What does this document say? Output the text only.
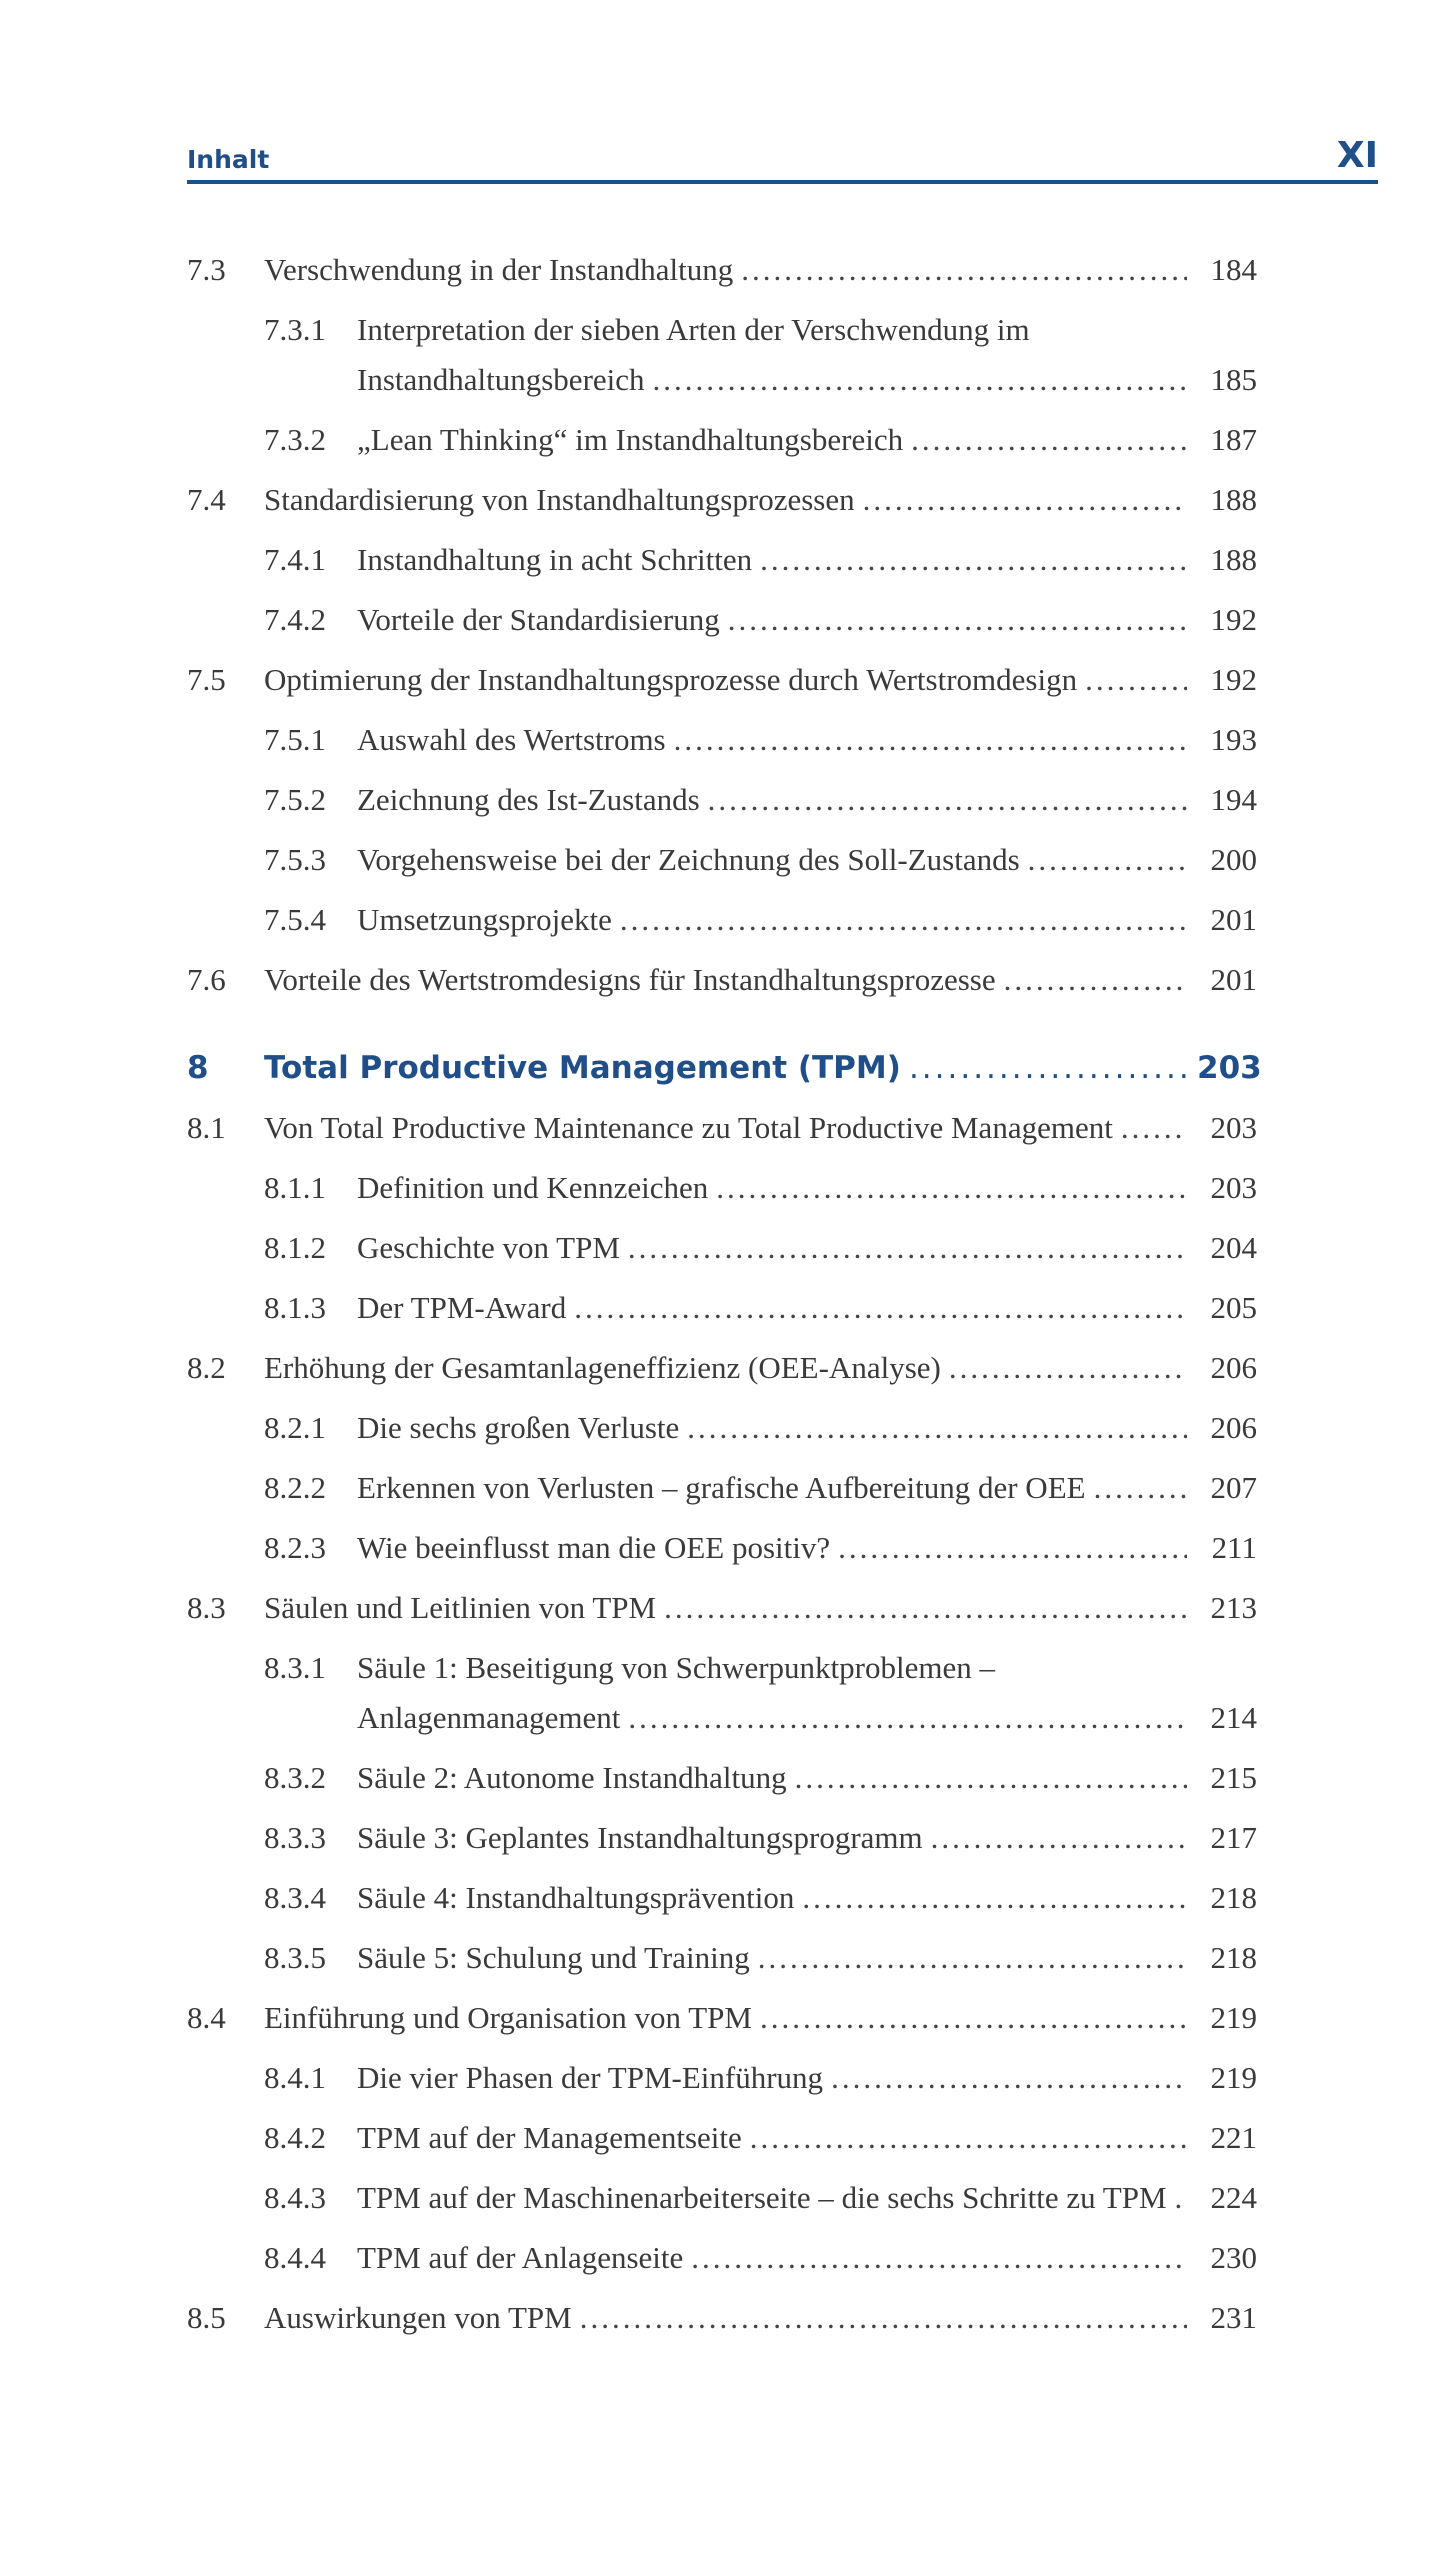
Inhalt	XI
7.3 Verschwendung in der Instandhaltung .....	184
7.3.1 Interpretation der sieben Arten der Verschwendung im
Instandhaltungsbereich .....	185
7.3.2 „Lean Thinking“ im Instandhaltungsbereich .....	187
7.4 Standardisierung von Instandhaltungsprozessen .....	188
7.4.1 Instandhaltung in acht Schritten .....	188
7.4.2 Vorteile der Standardisierung .....	192
7.5 Optimierung der Instandhaltungsprozesse durch Wertstromdesign .....	192
7.5.1 Auswahl des Wertstroms .....	193
7.5.2 Zeichnung des Ist-Zustands .....	194
7.5.3 Vorgehensweise bei der Zeichnung des Soll-Zustands .....	200
7.5.4 Umsetzungsprojekte .....	201
7.6 Vorteile des Wertstromdesigns für Instandhaltungsprozesse .....	201
8 Total Productive Management (TPM) .....	203
8.1 Von Total Productive Maintenance zu Total Productive Management .....	203
8.1.1 Definition und Kennzeichen .....	203
8.1.2 Geschichte von TPM .....	204
8.1.3 Der TPM-Award .....	205
8.2 Erhöhung der Gesamtanlageneffizienz (OEE-Analyse) .....	206
8.2.1 Die sechs großen Verluste .....	206
8.2.2 Erkennen von Verlusten – grafische Aufbereitung der OEE .....	207
8.2.3 Wie beeinflusst man die OEE positiv? .....	211
8.3 Säulen und Leitlinien von TPM .....	213
8.3.1 Säule 1: Beseitigung von Schwerpunktproblemen –
Anlagenmanagement .....	214
8.3.2 Säule 2: Autonome Instandhaltung .....	215
8.3.3 Säule 3: Geplantes Instandhaltungsprogramm .....	217
8.3.4 Säule 4: Instandhaltungsprävention .....	218
8.3.5 Säule 5: Schulung und Training .....	218
8.4 Einführung und Organisation von TPM .....	219
8.4.1 Die vier Phasen der TPM-Einführung .....	219
8.4.2 TPM auf der Managementseite .....	221
8.4.3 TPM auf der Maschinenarbeiterseite – die sechs Schritte zu TPM .....	224
8.4.4 TPM auf der Anlagenseite .....	230
8.5 Auswirkungen von TPM .....	231
